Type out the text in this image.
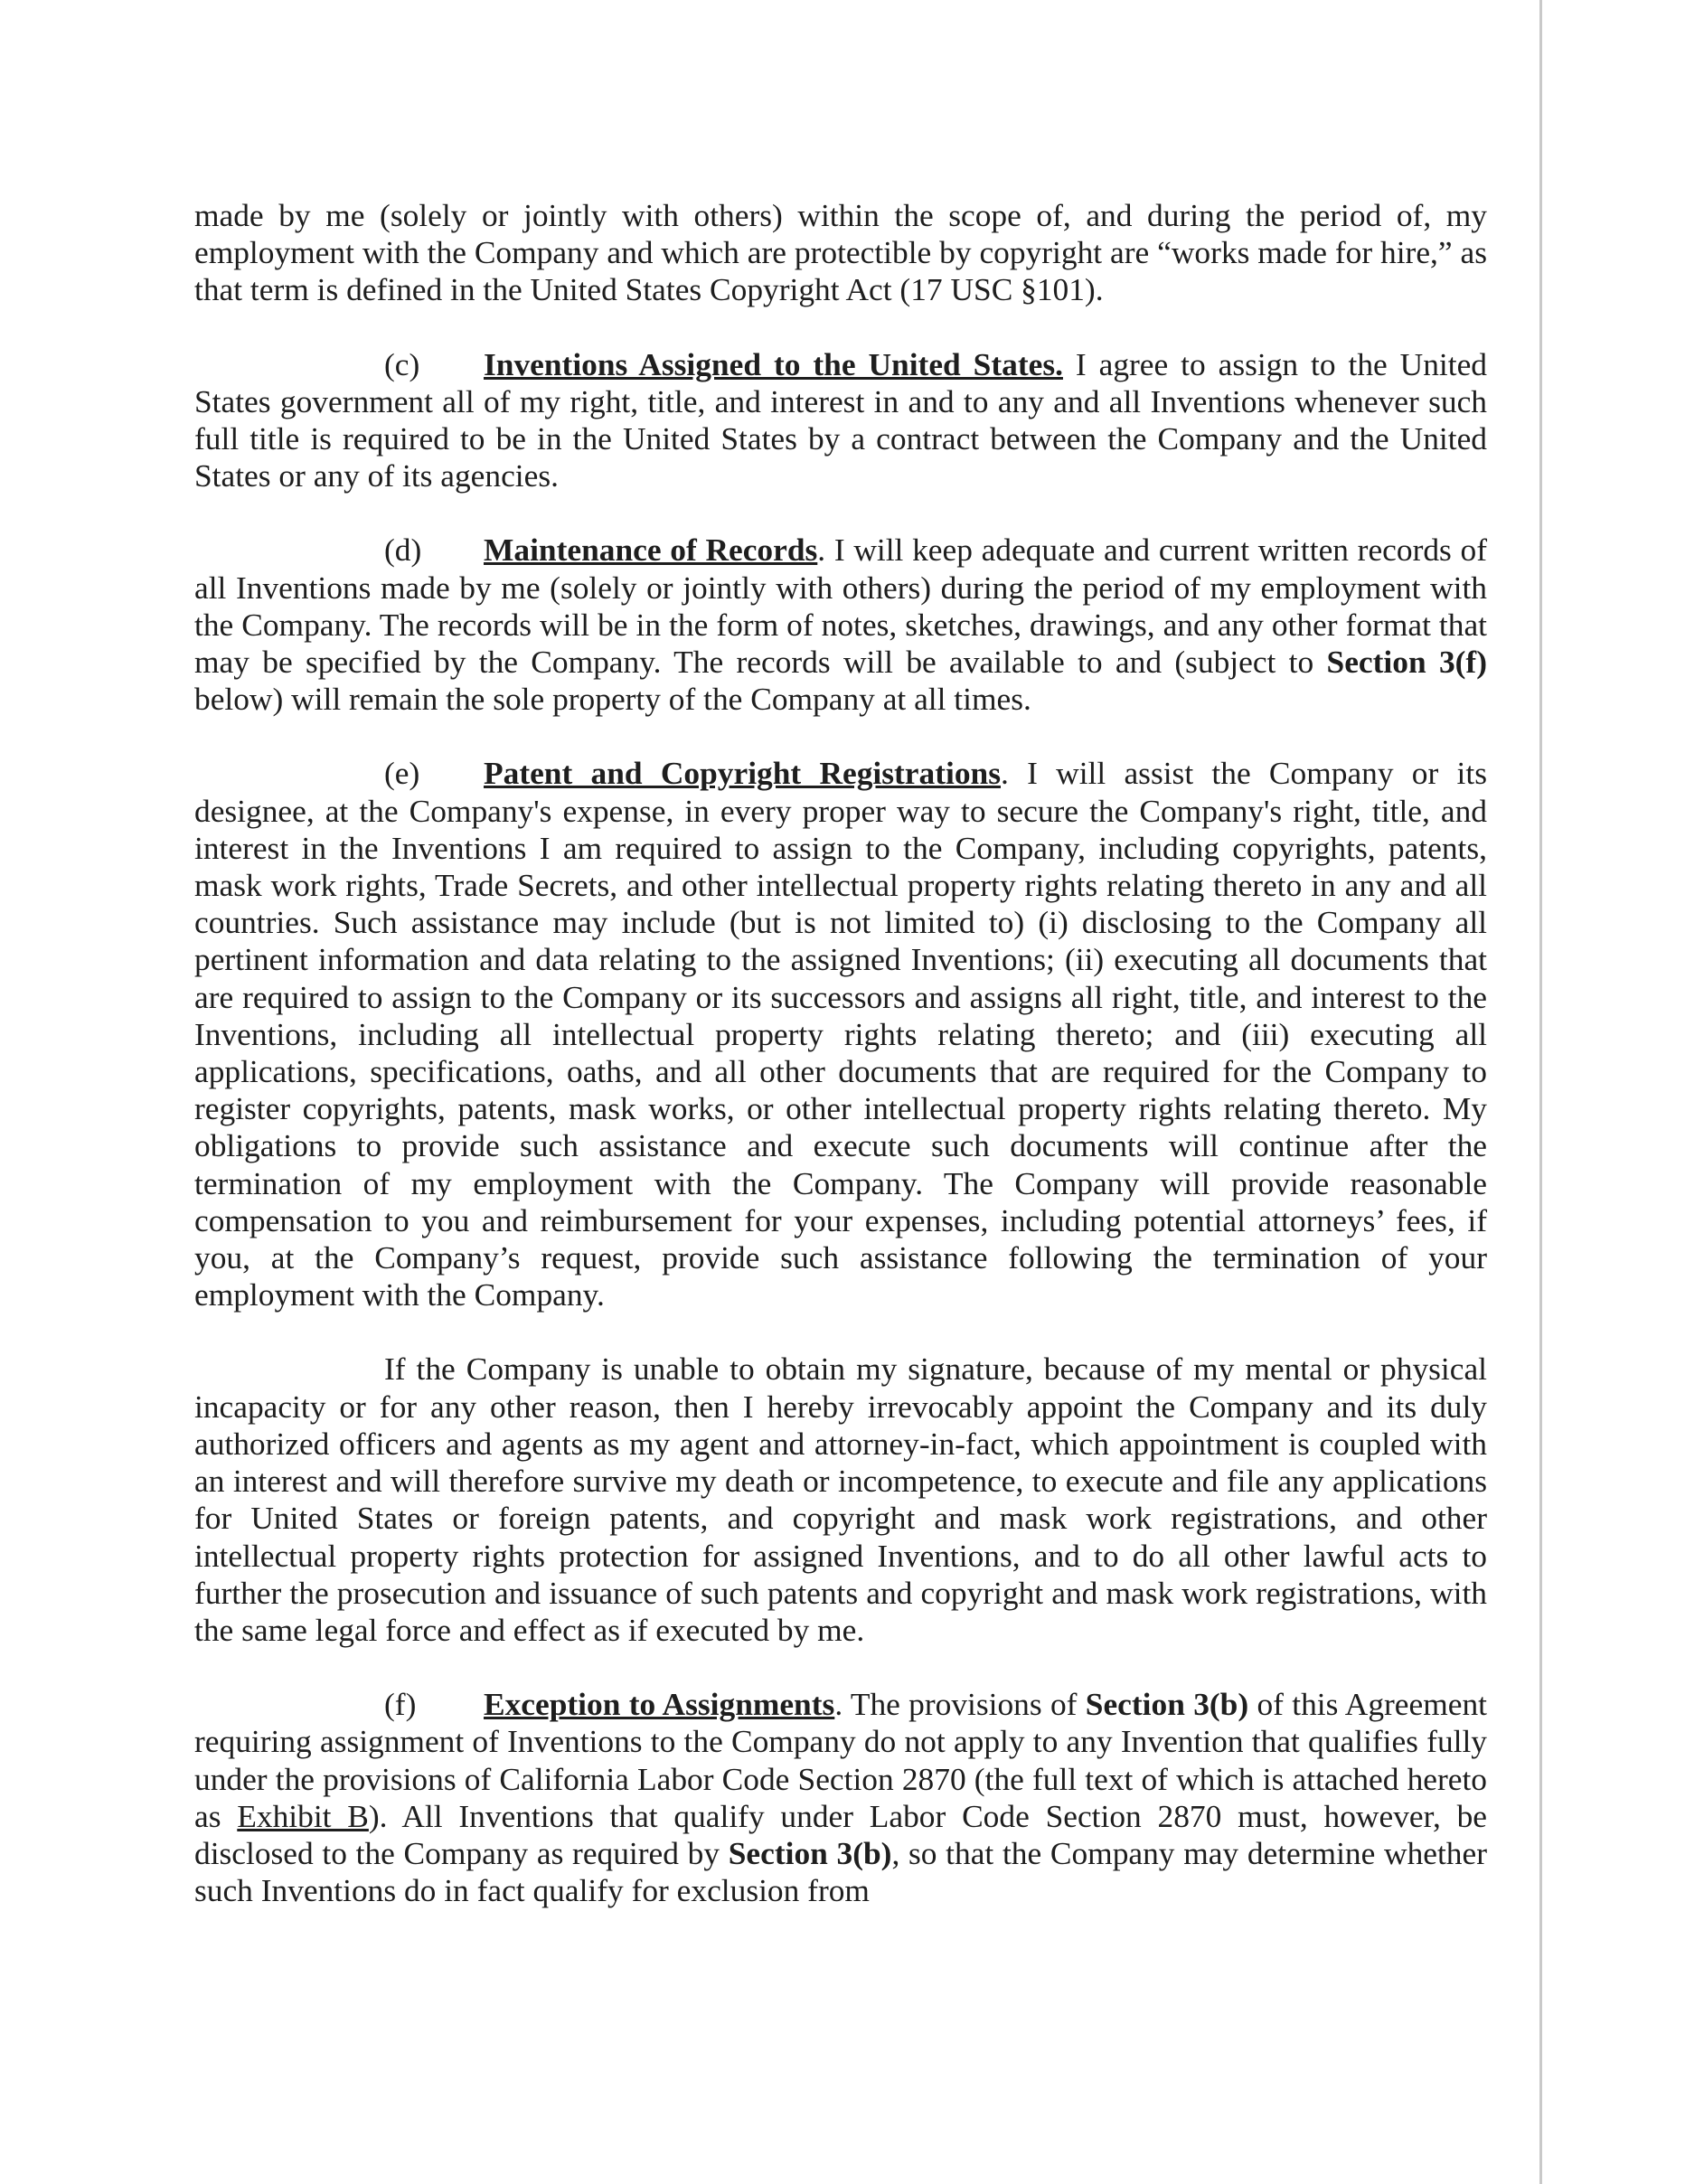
made by me (solely or jointly with others) within the scope of, and during the period of, my employment with the Company and which are protectible by copyright are “works made for hire,” as that term is defined in the United States Copyright Act (17 USC §101).

(c) Inventions Assigned to the United States. I agree to assign to the United States government all of my right, title, and interest in and to any and all Inventions whenever such full title is required to be in the United States by a contract between the Company and the United States or any of its agencies.

(d) Maintenance of Records. I will keep adequate and current written records of all Inventions made by me (solely or jointly with others) during the period of my employment with the Company. The records will be in the form of notes, sketches, drawings, and any other format that may be specified by the Company. The records will be available to and (subject to Section 3(f) below) will remain the sole property of the Company at all times.

(e) Patent and Copyright Registrations. I will assist the Company or its designee, at the Company's expense, in every proper way to secure the Company's right, title, and interest in the Inventions I am required to assign to the Company, including copyrights, patents, mask work rights, Trade Secrets, and other intellectual property rights relating thereto in any and all countries. Such assistance may include (but is not limited to) (i) disclosing to the Company all pertinent information and data relating to the assigned Inventions; (ii) executing all documents that are required to assign to the Company or its successors and assigns all right, title, and interest to the Inventions, including all intellectual property rights relating thereto; and (iii) executing all applications, specifications, oaths, and all other documents that are required for the Company to register copyrights, patents, mask works, or other intellectual property rights relating thereto. My obligations to provide such assistance and execute such documents will continue after the termination of my employment with the Company. The Company will provide reasonable compensation to you and reimbursement for your expenses, including potential attorneys’ fees, if you, at the Company’s request, provide such assistance following the termination of your employment with the Company.

If the Company is unable to obtain my signature, because of my mental or physical incapacity or for any other reason, then I hereby irrevocably appoint the Company and its duly authorized officers and agents as my agent and attorney-in-fact, which appointment is coupled with an interest and will therefore survive my death or incompetence, to execute and file any applications for United States or foreign patents, and copyright and mask work registrations, and other intellectual property rights protection for assigned Inventions, and to do all other lawful acts to further the prosecution and issuance of such patents and copyright and mask work registrations, with the same legal force and effect as if executed by me.

(f) Exception to Assignments. The provisions of Section 3(b) of this Agreement requiring assignment of Inventions to the Company do not apply to any Invention that qualifies fully under the provisions of California Labor Code Section 2870 (the full text of which is attached hereto as Exhibit B). All Inventions that qualify under Labor Code Section 2870 must, however, be disclosed to the Company as required by Section 3(b), so that the Company may determine whether such Inventions do in fact qualify for exclusion from
